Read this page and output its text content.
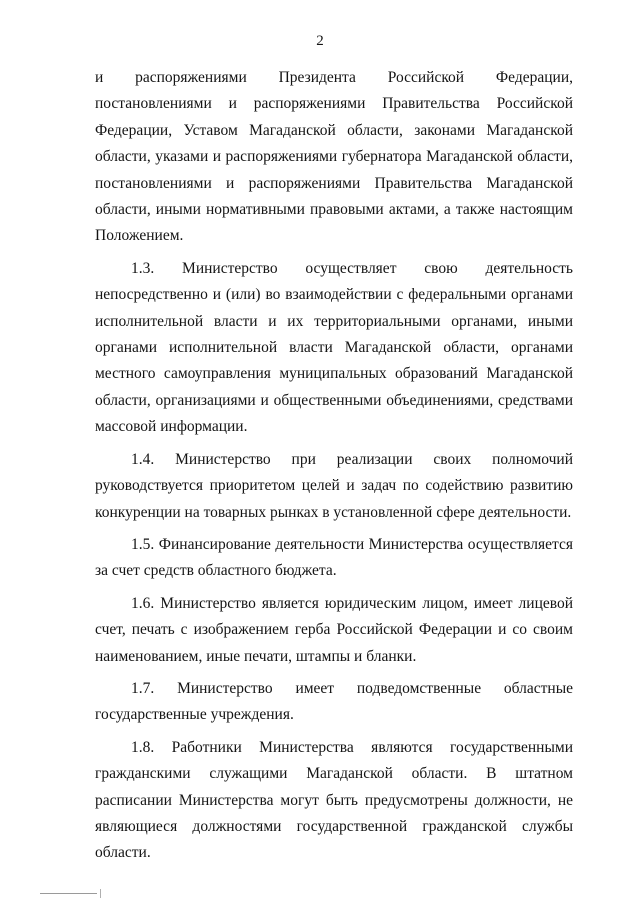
2

и распоряжениями Президента Российской Федерации, постановлениями и распоряжениями Правительства Российской Федерации, Уставом Магаданской области, законами Магаданской области, указами и распоряжениями губернатора Магаданской области, постановлениями и распоряжениями Правительства Магаданской области, иными нормативными правовыми актами, а также настоящим Положением.

1.3. Министерство осуществляет свою деятельность непосредственно и (или) во взаимодействии с федеральными органами исполнительной власти и их территориальными органами, иными органами исполнительной власти Магаданской области, органами местного самоуправления муниципальных образований Магаданской области, организациями и общественными объединениями, средствами массовой информации.

1.4. Министерство при реализации своих полномочий руководствуется приоритетом целей и задач по содействию развитию конкуренции на товарных рынках в установленной сфере деятельности.

1.5. Финансирование деятельности Министерства осуществляется за счет средств областного бюджета.

1.6. Министерство является юридическим лицом, имеет лицевой счет, печать с изображением герба Российской Федерации и со своим наименованием, иные печати, штампы и бланки.

1.7. Министерство имеет подведомственные областные государственные учреждения.

1.8. Работники Министерства являются государственными гражданскими служащими Магаданской области. В штатном расписании Министерства могут быть предусмотрены должности, не являющиеся должностями государственной гражданской службы области.
